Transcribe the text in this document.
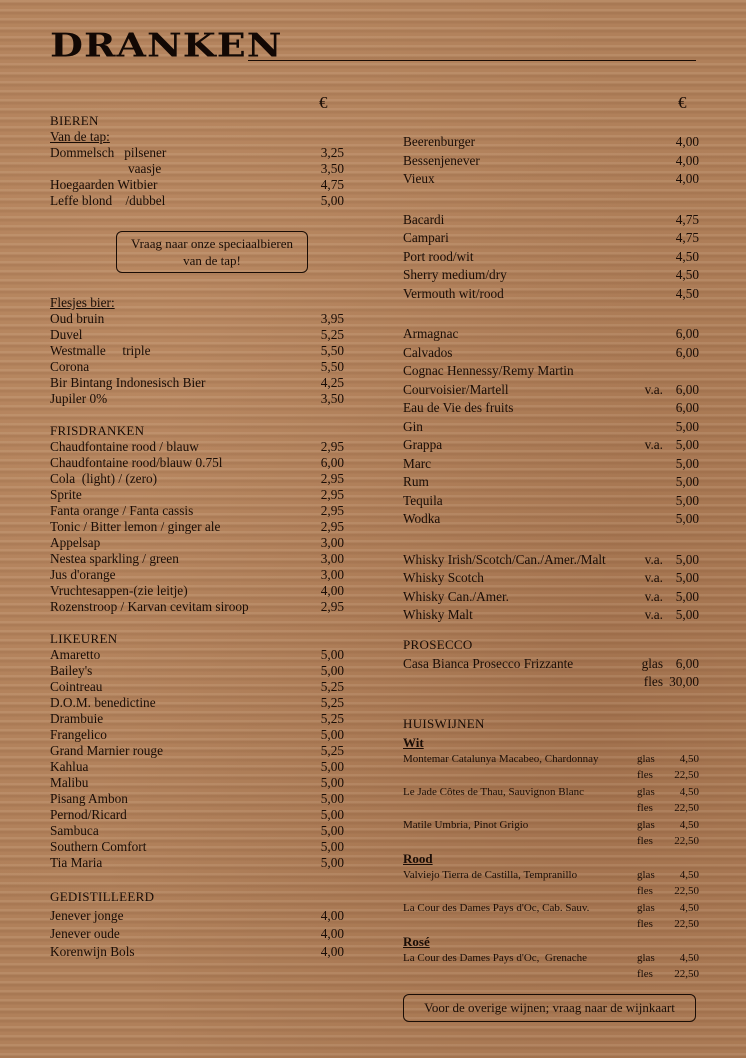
DRANKEN
€	€
BIEREN
Van de tap:
Dommelsch   pilsener	3,25
vaasje	3,50
Hoegaarden Witbier	4,75
Leffe blond    /dubbel	5,00
Vraag naar onze speciaalbieren
van de tap!
Flesjes bier:
Oud bruin	3,95
Duvel	5,25
Westmalle     triple	5,50
Corona	5,50
Bir Bintang Indonesisch Bier	4,25
Jupiler 0%	3,50
FRISDRANKEN
Chaudfontaine rood / blauw	2,95
Chaudfontaine rood/blauw 0.75l	6,00
Cola  (light) / (zero)	2,95
Sprite	2,95
Fanta orange / Fanta cassis	2,95
Tonic / Bitter lemon / ginger ale	2,95
Appelsap	3,00
Nestea sparkling / green	3,00
Jus d'orange	3,00
Vruchtesappen-(zie leitje)	4,00
Rozenstroop / Karvan cevitam siroop	2,95
LIKEUREN
Amaretto	5,00
Bailey's	5,00
Cointreau	5,25
D.O.M. benedictine	5,25
Drambuie	5,25
Frangelico	5,00
Grand Marnier rouge	5,25
Kahlua	5,00
Malibu	5,00
Pisang Ambon	5,00
Pernod/Ricard	5,00
Sambuca	5,00
Southern Comfort	5,00
Tia Maria	5,00
GEDISTILLEERD
Jenever jonge	4,00
Jenever oude	4,00
Korenwijn Bols	4,00
Beerenburger	4,00
Bessenjenever	4,00
Vieux	4,00
Bacardi	4,75
Campari	4,75
Port rood/wit	4,50
Sherry medium/dry	4,50
Vermouth wit/rood	4,50
Armagnac	6,00
Calvados	6,00
Cognac Hennessy/Remy Martin
Courvoisier/Martell	v.a. 6,00
Eau de Vie des fruits	6,00
Gin	5,00
Grappa	v.a. 5,00
Marc	5,00
Rum	5,00
Tequila	5,00
Wodka	5,00
Whisky Irish/Scotch/Can./Amer./Malt	v.a. 5,00
Whisky Scotch	v.a. 5,00
Whisky Can./Amer.	v.a. 5,00
Whisky Malt	v.a. 5,00
PROSECCO
Casa Bianca Prosecco Frizzante	glas 6,00
fles 30,00
HUISWIJNEN
Wit
Montemar Catalunya Macabeo, Chardonnay	glas	4,50
fles	22,50
Le Jade Côtes de Thau, Sauvignon Blanc	glas	4,50
fles	22,50
Matile Umbria, Pinot Grigio	glas	4,50
fles	22,50
Rood
Valviejo Tierra de Castilla, Tempranillo	glas	4,50
fles	22,50
La Cour des Dames Pays d'Oc, Cab. Sauv.	glas	4,50
fles	22,50
Rosé
La Cour des Dames Pays d'Oc,  Grenache	glas	4,50
fles	22,50
Voor de overige wijnen; vraag naar de wijnkaart
